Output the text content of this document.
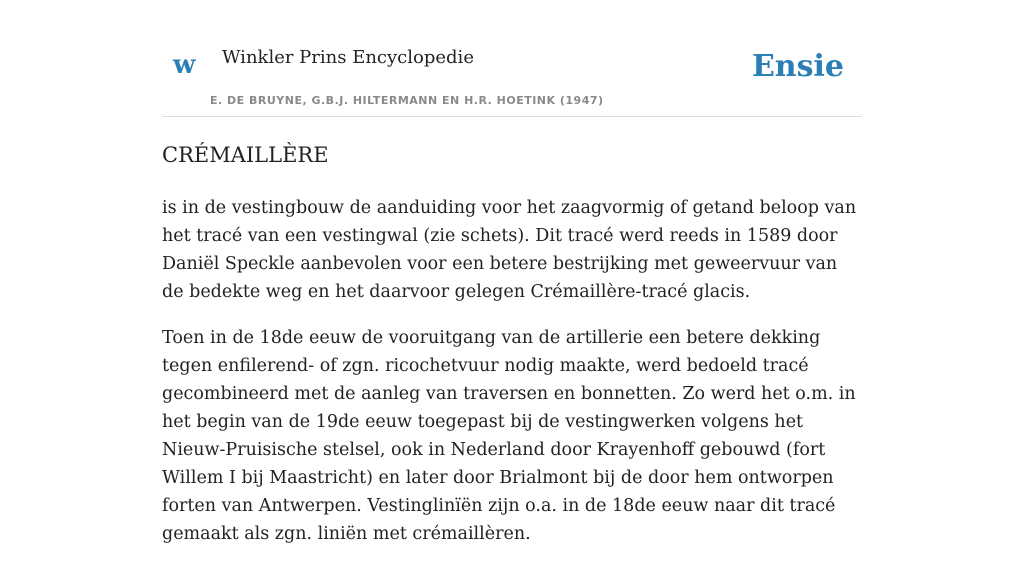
w Winkler Prins Encyclopedie
E. DE BRUYNE, G.B.J. HILTERMANN EN H.R. HOETINK (1947)
Ensie
CRÉMAILLÈRE

is in de vestingbouw de aanduiding voor het zaagvormig of getand beloop van het tracé van een vestingwal (zie schets). Dit tracé werd reeds in 1589 door Daniël Speckle aanbevolen voor een betere bestrijking met geweervuur van de bedekte weg en het daarvoor gelegen Crémaillère-tracé glacis.

Toen in de 18de eeuw de vooruitgang van de artillerie een betere dekking tegen enfilerend- of zgn. ricochetvuur nodig maakte, werd bedoeld tracé gecombineerd met de aanleg van traversen en bonnetten. Zo werd het o.m. in het begin van de 19de eeuw toegepast bij de vestingwerken volgens het Nieuw-Pruisische stelsel, ook in Nederland door Krayenhoff gebouwd (fort Willem I bij Maastricht) en later door Brialmont bij de door hem ontworpen forten van Antwerpen. Vestinglinïën zijn o.a. in de 18de eeuw naar dit tracé gemaakt als zgn. liniën met crémaillèren.
